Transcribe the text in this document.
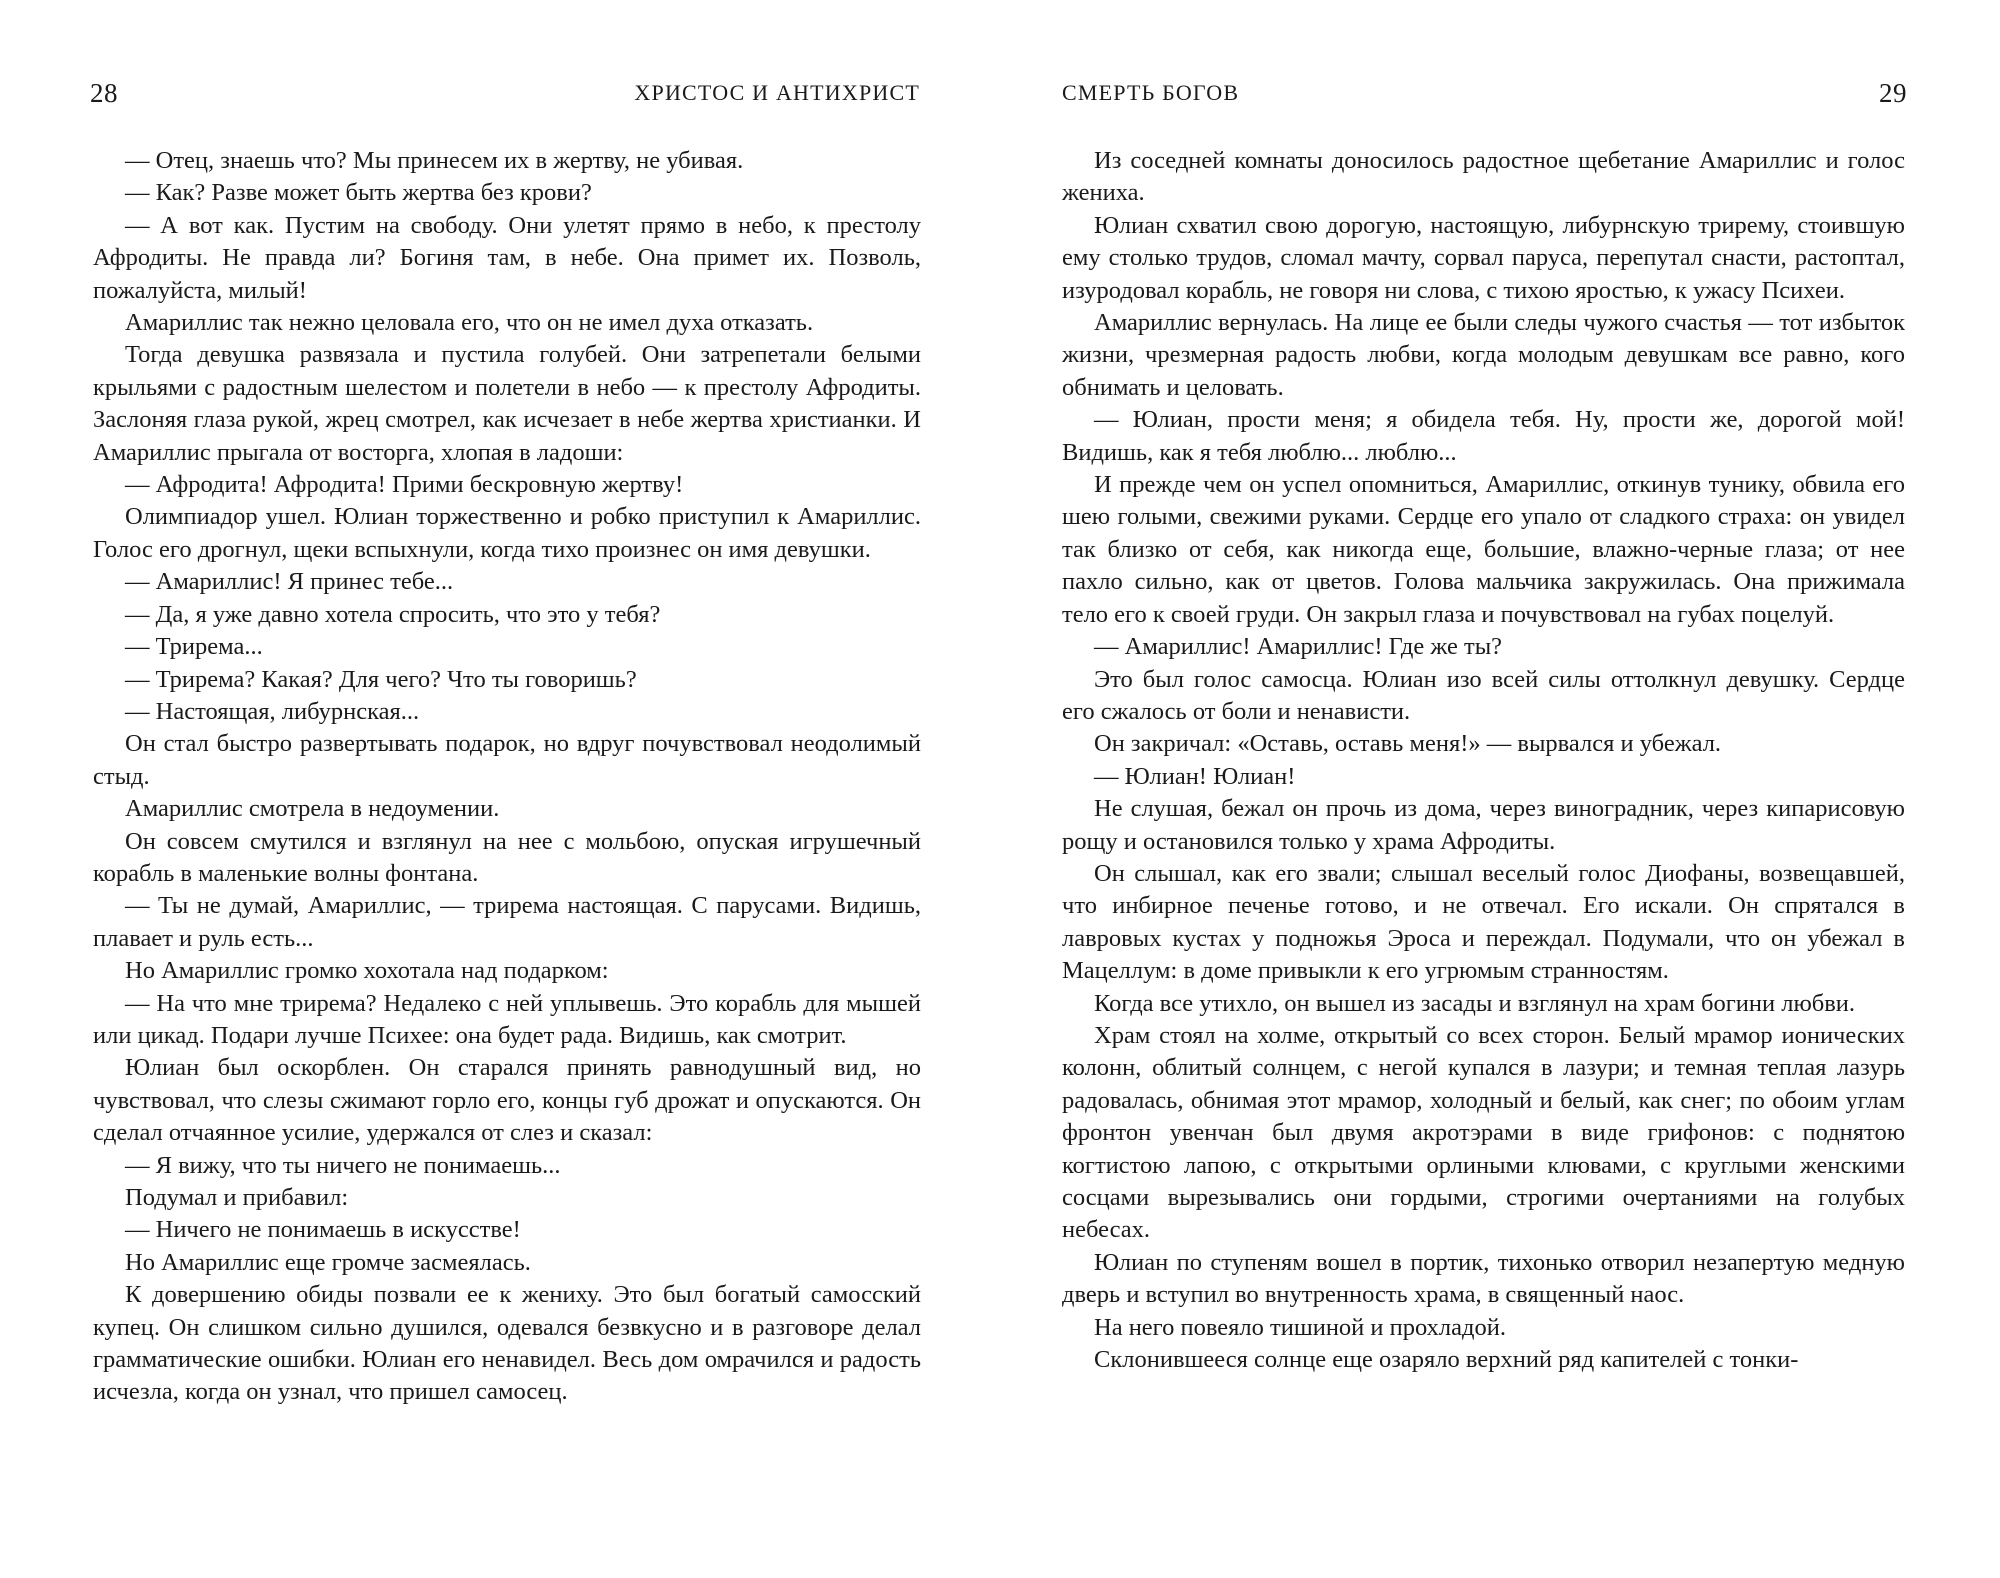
28	ХРИСТОС И АНТИХРИСТ

— Отец, знаешь что? Мы принесем их в жертву, не убивая.

— Как? Разве может быть жертва без крови?

— А вот как. Пустим на свободу. Они улетят прямо в небо, к престолу Афродиты. Не правда ли? Богиня там, в небе. Она примет их. Позволь, пожалуйста, милый!

Амариллис так нежно целовала его, что он не имел духа отказать.

Тогда девушка развязала и пустила голубей. Они затрепетали белыми крыльями с радостным шелестом и полетели в небо — к престолу Афродиты. Заслоняя глаза рукой, жрец смотрел, как исчезает в небе жертва христианки. И Амариллис прыгала от восторга, хлопая в ладоши:

— Афродита! Афродита! Прими бескровную жертву!

Олимпиадор ушел. Юлиан торжественно и робко приступил к Амариллис. Голос его дрогнул, щеки вспыхнули, когда тихо произнес он имя девушки.

— Амариллис! Я принес тебе...

— Да, я уже давно хотела спросить, что это у тебя?

— Трирема...

— Трирема? Какая? Для чего? Что ты говоришь?

— Настоящая, либурнская...

Он стал быстро развертывать подарок, но вдруг почувствовал неодолимый стыд.

Амариллис смотрела в недоумении.

Он совсем смутился и взглянул на нее с мольбою, опуская игрушечный корабль в маленькие волны фонтана.

— Ты не думай, Амариллис, — трирема настоящая. С парусами. Видишь, плавает и руль есть...

Но Амариллис громко хохотала над подарком:

— На что мне трирема? Недалеко с ней уплывешь. Это корабль для мышей или цикад. Подари лучше Психее: она будет рада. Видишь, как смотрит.

Юлиан был оскорблен. Он старался принять равнодушный вид, но чувствовал, что слезы сжимают горло его, концы губ дрожат и опускаются. Он сделал отчаянное усилие, удержался от слез и сказал:

— Я вижу, что ты ничего не понимаешь...

Подумал и прибавил:

— Ничего не понимаешь в искусстве!

Но Амариллис еще громче засмеялась.

К довершению обиды позвали ее к жениху. Это был богатый самосский купец. Он слишком сильно душился, одевался безвкусно и в разговоре делал грамматические ошибки. Юлиан его ненавидел. Весь дом омрачился и радость исчезла, когда он узнал, что пришел самосец.

СМЕРТЬ БОГОВ	29

Из соседней комнаты доносилось радостное щебетание Амариллис и голос жениха.

Юлиан схватил свою дорогую, настоящую, либурнскую трирему, стоившую ему столько трудов, сломал мачту, сорвал паруса, перепутал снасти, растоптал, изуродовал корабль, не говоря ни слова, с тихою яростью, к ужасу Психеи.

Амариллис вернулась. На лице ее были следы чужого счастья — тот избыток жизни, чрезмерная радость любви, когда молодым девушкам все равно, кого обнимать и целовать.

— Юлиан, прости меня; я обидела тебя. Ну, прости же, дорогой мой! Видишь, как я тебя люблю... люблю...

И прежде чем он успел опомниться, Амариллис, откинув тунику, обвила его шею голыми, свежими руками. Сердце его упало от сладкого страха: он увидел так близко от себя, как никогда еще, большие, влажно-черные глаза; от нее пахло сильно, как от цветов. Голова мальчика закружилась. Она прижимала тело его к своей груди. Он закрыл глаза и почувствовал на губах поцелуй.

— Амариллис! Амариллис! Где же ты?

Это был голос самосца. Юлиан изо всей силы оттолкнул девушку. Сердце его сжалось от боли и ненависти.

Он закричал: «Оставь, оставь меня!» — вырвался и убежал.

— Юлиан! Юлиан!

Не слушая, бежал он прочь из дома, через виноградник, через кипарисовую рощу и остановился только у храма Афродиты.

Он слышал, как его звали; слышал веселый голос Диофаны, возвещавшей, что инбирное печенье готово, и не отвечал. Его искали. Он спрятался в лавровых кустах у подножья Эроса и переждал. Подумали, что он убежал в Мацеллум: в доме привыкли к его угрюмым странностям.

Когда все утихло, он вышел из засады и взглянул на храм богини любви.

Храм стоял на холме, открытый со всех сторон. Белый мрамор ионических колонн, облитый солнцем, с негой купался в лазури; и темная теплая лазурь радовалась, обнимая этот мрамор, холодный и белый, как снег; по обоим углам фронтон увенчан был двумя акротэрами в виде грифонов: с поднятою когтистою лапою, с открытыми орлиными клювами, с круглыми женскими сосцами вырезывались они гордыми, строгими очертаниями на голубых небесах.

Юлиан по ступеням вошел в портик, тихонько отворил незапертую медную дверь и вступил во внутренность храма, в священный наос.

На него повеяло тишиной и прохладой.

Склонившееся солнце еще озаряло верхний ряд капителей с тонки-
